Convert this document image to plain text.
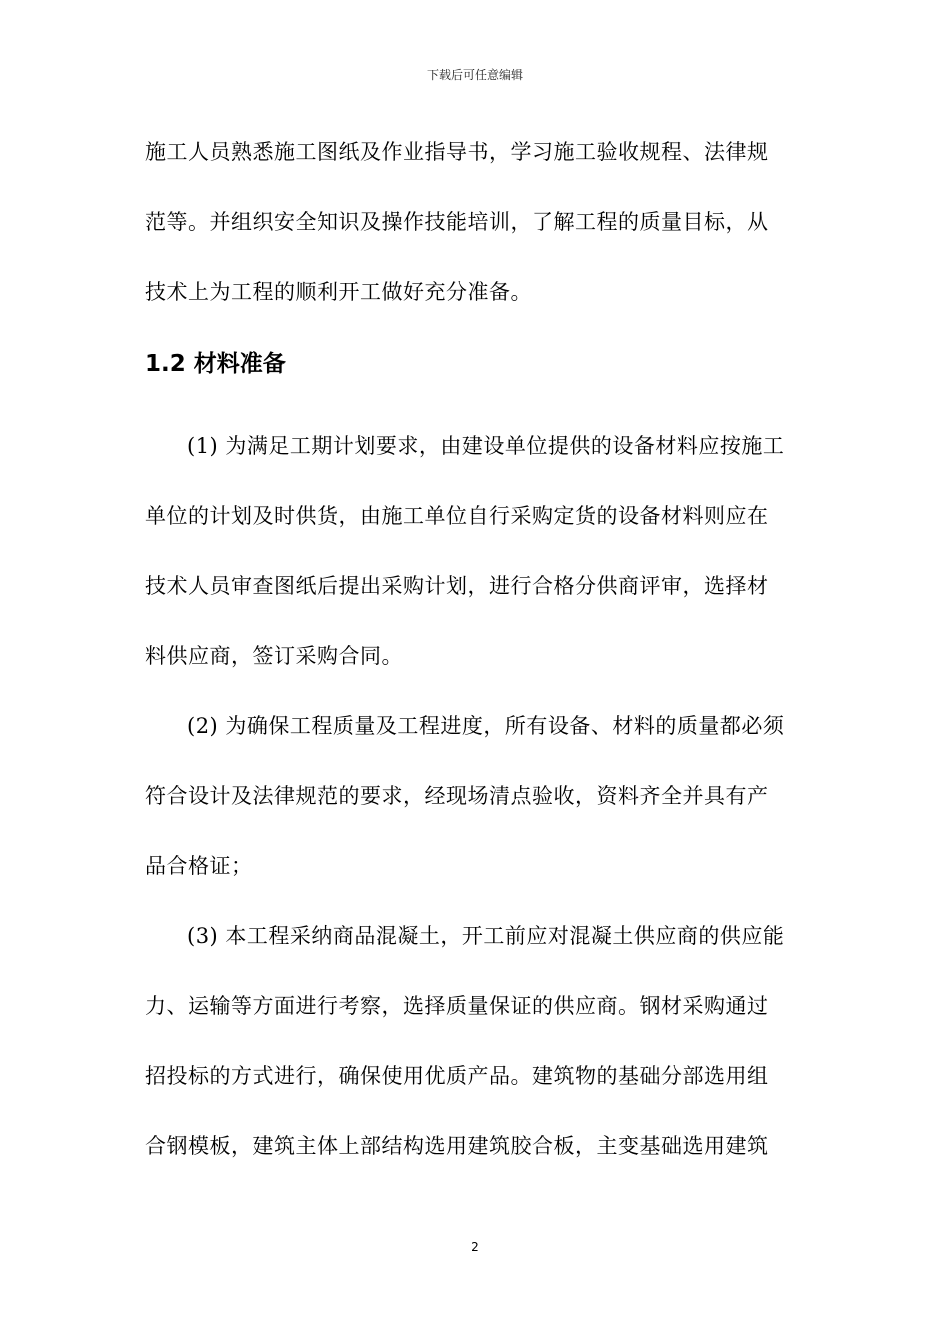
下载后可任意编辑
施工人员熟悉施工图纸及作业指导书，学习施工验收规程、法律规
范等。并组织安全知识及操作技能培训，了解工程的质量目标，从
技术上为工程的顺利开工做好充分准备。
1.2 材料准备
(1) 为满足工期计划要求，由建设单位提供的设备材料应按施工
单位的计划及时供货，由施工单位自行采购定货的设备材料则应在
技术人员审查图纸后提出采购计划，进行合格分供商评审，选择材
料供应商，签订采购合同。
(2) 为确保工程质量及工程进度，所有设备、材料的质量都必须
符合设计及法律规范的要求，经现场清点验收，资料齐全并具有产
品合格证；
(3) 本工程采纳商品混凝土，开工前应对混凝土供应商的供应能
力、运输等方面进行考察，选择质量保证的供应商。钢材采购通过
招投标的方式进行，确保使用优质产品。建筑物的基础分部选用组
合钢模板，建筑主体上部结构选用建筑胶合板，主变基础选用建筑
2
